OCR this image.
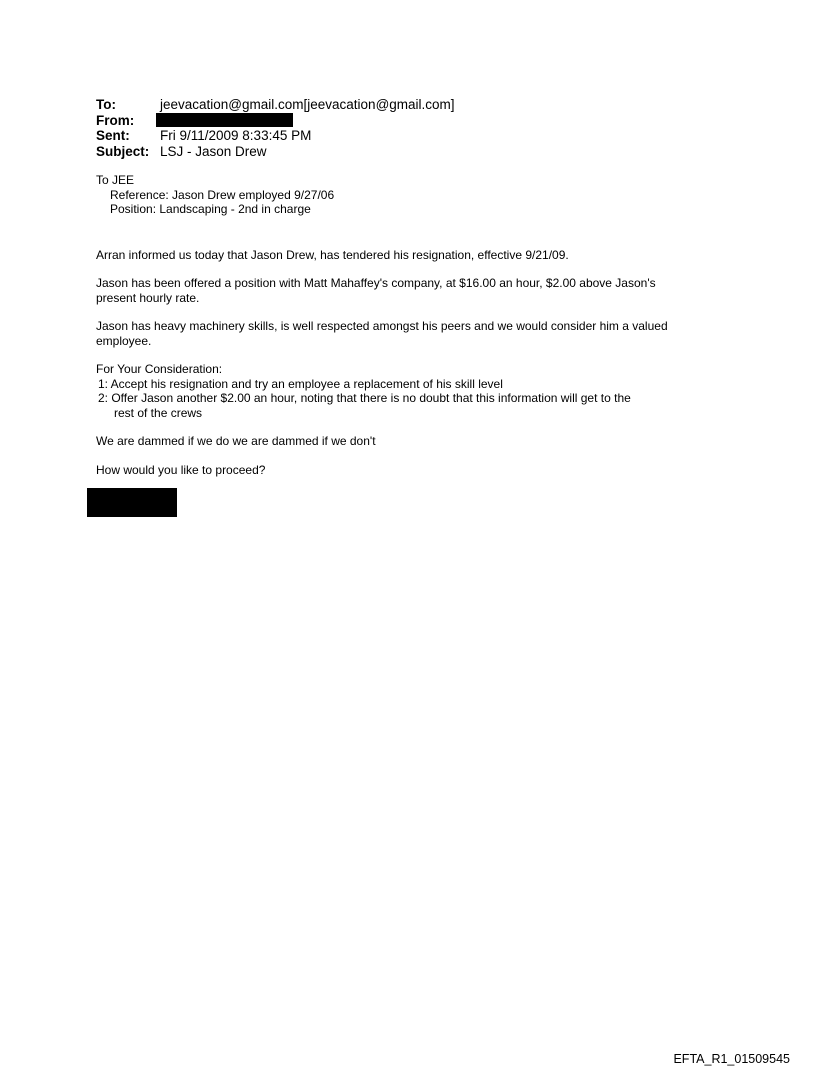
To:	jeevacation@gmail.com[jeevacation@gmail.com]
From:
Sent:	Fri 9/11/2009 8:33:45 PM
Subject: LSJ - Jason Drew
To JEE
Reference: Jason Drew employed 9/27/06
Position: Landscaping - 2nd in charge
Arran informed us today that Jason Drew, has tendered his resignation, effective 9/21/09.
Jason has been offered a position with Matt Mahaffey's company, at $16.00 an hour, $2.00 above Jason's
present hourly rate.
Jason has heavy machinery skills, is well respected amongst his peers and we would consider him a valued
employee.
For Your Consideration:
1: Accept his resignation and try an employee a replacement of his skill level
2: Offer Jason another $2.00 an hour, noting that there is no doubt that this information will get to the
rest of the crews
We are dammed if we do we are dammed if we don't
How would you like to proceed?
EFTA_R1_01509545
